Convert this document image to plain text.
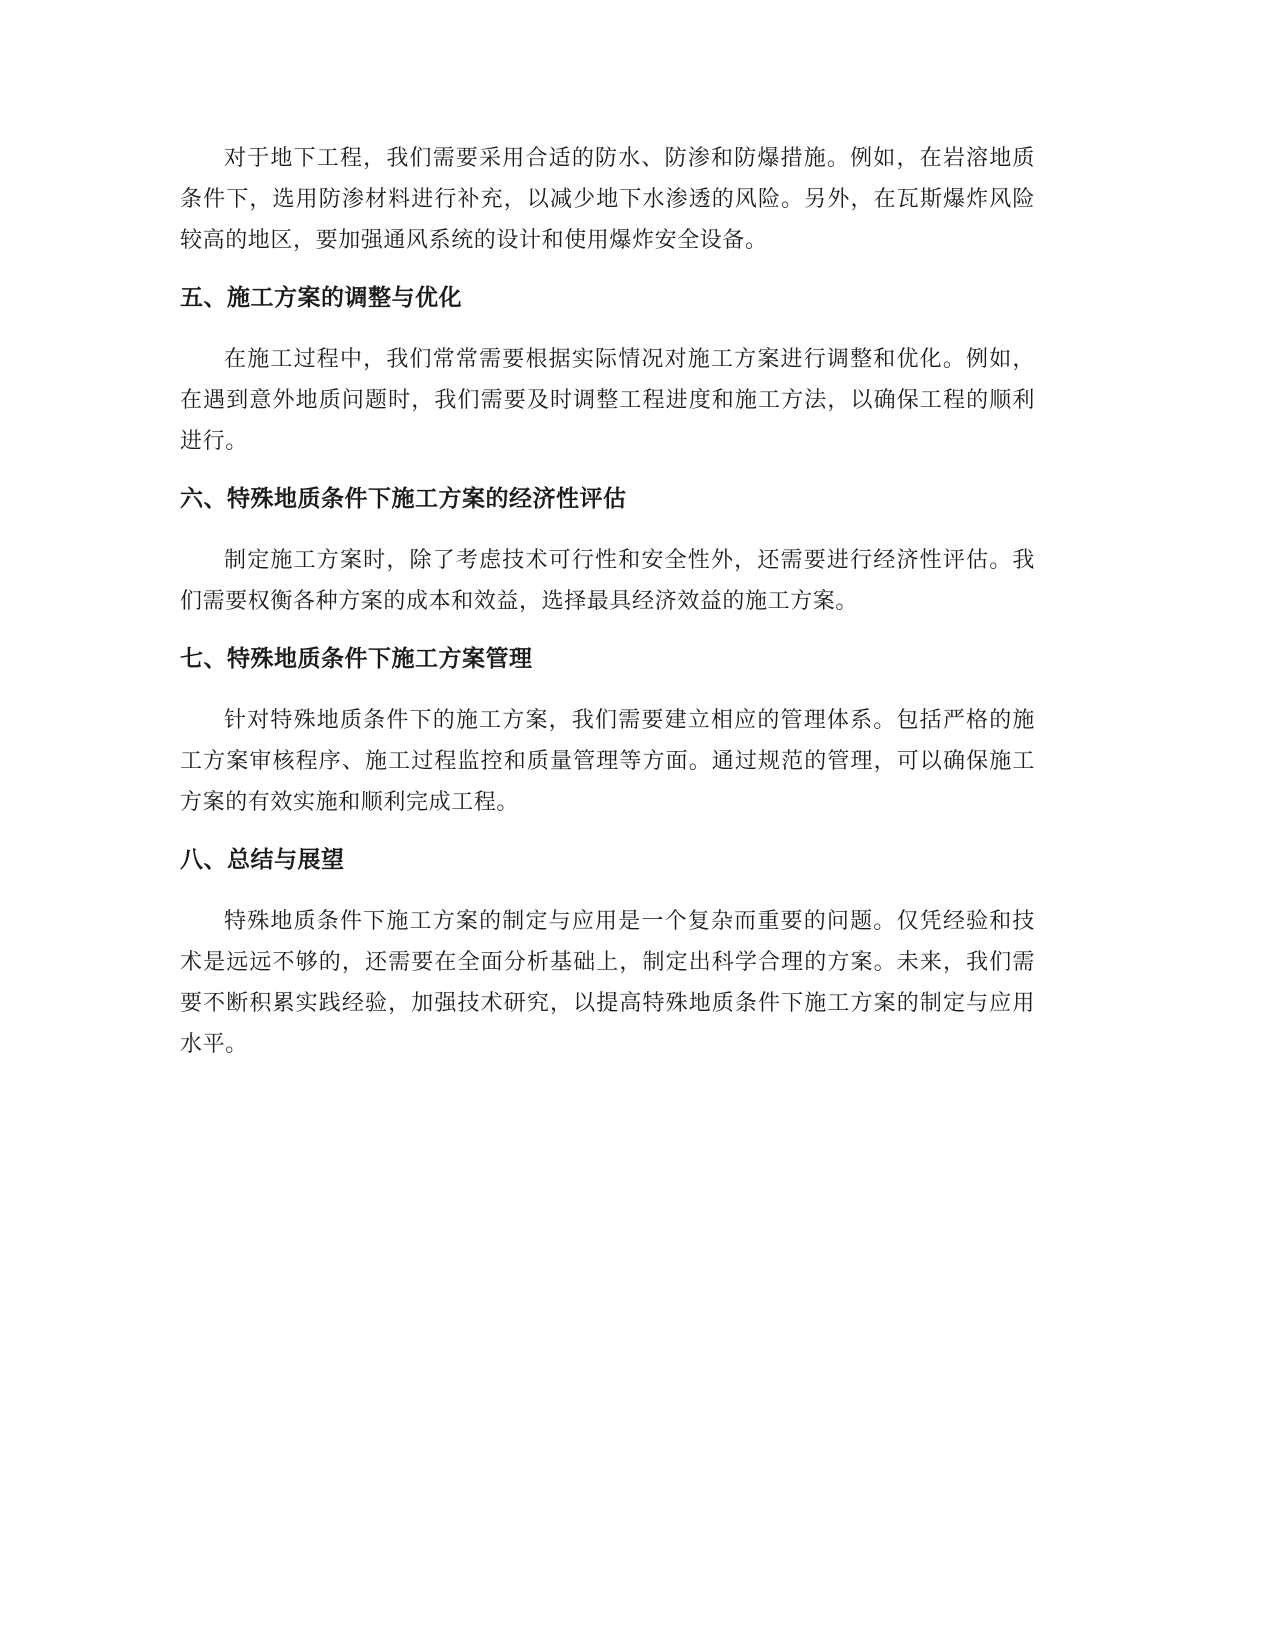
对于地下工程，我们需要采用合适的防水、防渗和防爆措施。例如，在岩溶地质条件下，选用防渗材料进行补充，以减少地下水渗透的风险。另外，在瓦斯爆炸风险较高的地区，要加强通风系统的设计和使用爆炸安全设备。

五、施工方案的调整与优化

在施工过程中，我们常常需要根据实际情况对施工方案进行调整和优化。例如，在遇到意外地质问题时，我们需要及时调整工程进度和施工方法，以确保工程的顺利进行。

六、特殊地质条件下施工方案的经济性评估

制定施工方案时，除了考虑技术可行性和安全性外，还需要进行经济性评估。我们需要权衡各种方案的成本和效益，选择最具经济效益的施工方案。

七、特殊地质条件下施工方案管理

针对特殊地质条件下的施工方案，我们需要建立相应的管理体系。包括严格的施工方案审核程序、施工过程监控和质量管理等方面。通过规范的管理，可以确保施工方案的有效实施和顺利完成工程。

八、总结与展望

特殊地质条件下施工方案的制定与应用是一个复杂而重要的问题。仅凭经验和技术是远远不够的，还需要在全面分析基础上，制定出科学合理的方案。未来，我们需要不断积累实践经验，加强技术研究，以提高特殊地质条件下施工方案的制定与应用水平。
